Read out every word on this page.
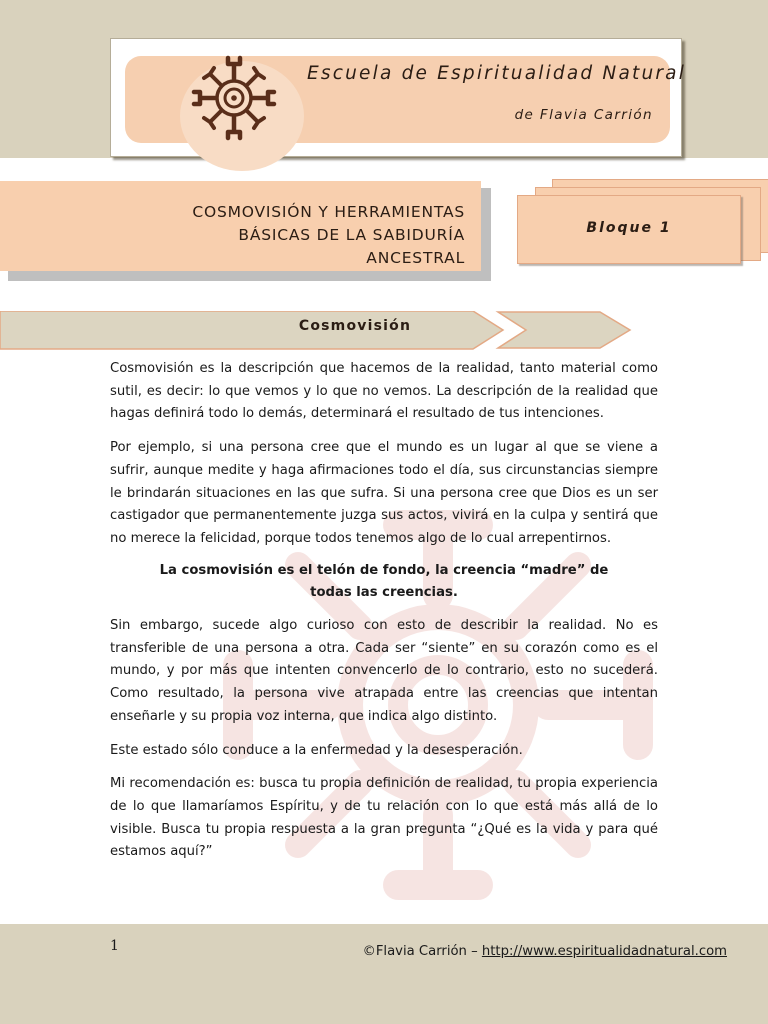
Escuela de Espiritualidad Natural
de Flavia Carrión
COSMOVISIÓN Y HERRAMIENTAS
BÁSICAS DE LA SABIDURÍA
ANCESTRAL
Bloque 1
Cosmovisión

Cosmovisión es la descripción que hacemos de la realidad, tanto material como sutil, es decir: lo que vemos y lo que no vemos. La descripción de la realidad que hagas definirá todo lo demás, determinará el resultado de tus intenciones.

Por ejemplo, si una persona cree que el mundo es un lugar al que se viene a sufrir, aunque medite y haga afirmaciones todo el día, sus circunstancias siempre le brindarán situaciones en las que sufra. Si una persona cree que Dios es un ser castigador que permanentemente juzga sus actos, vivirá en la culpa y sentirá que no merece la felicidad, porque todos tenemos algo de lo cual arrepentirnos.

La cosmovisión es el telón de fondo, la creencia “madre” de todas las creencias.

Sin embargo, sucede algo curioso con esto de describir la realidad. No es transferible de una persona a otra. Cada ser “siente” en su corazón como es el mundo, y por más que intenten convencerlo de lo contrario, esto no sucederá. Como resultado, la persona vive atrapada entre las creencias que intentan enseñarle y su propia voz interna, que indica algo distinto.

Este estado sólo conduce a la enfermedad y la desesperación.

Mi recomendación es: busca tu propia definición de realidad, tu propia experiencia de lo que llamaríamos Espíritu, y de tu relación con lo que está más allá de lo visible. Busca tu propia respuesta a la gran pregunta “¿Qué es la vida y para qué estamos aquí?”

1	©Flavia Carrión – http://www.espiritualidadnatural.com
